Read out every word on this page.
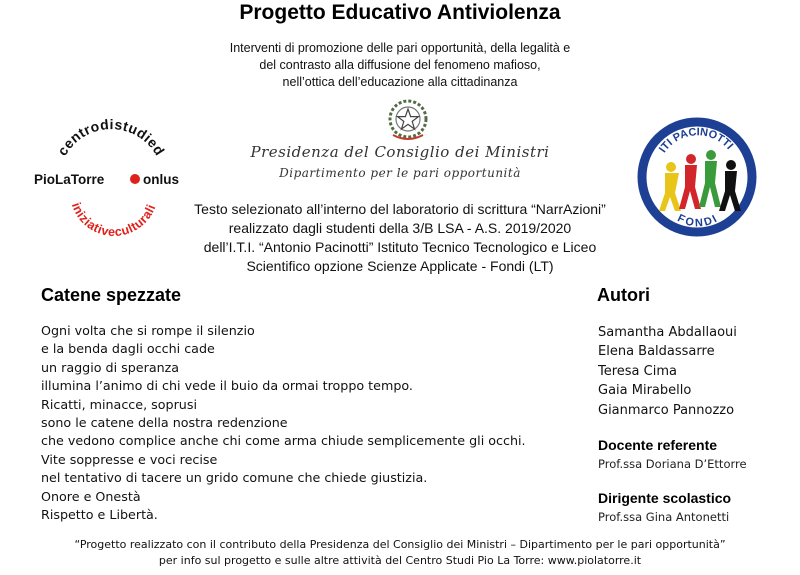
Progetto Educativo Antiviolenza
Interventi di promozione delle pari opportunità, della legalità e
del contrasto alla diffusione del fenomeno mafioso,
nell’ottica dell’educazione alla cittadinanza
centrodistudied
iniziativeculturali
PioLaTorre	onlus
Presidenza del Consiglio dei Ministri
Dipartimento per le pari opportunità
ITI PACINOTTI
FONDI
Testo selezionato all’interno del laboratorio di scrittura “NarrAzioni”
realizzato dagli studenti della 3/B LSA - A.S. 2019/2020
dell’I.T.I. “Antonio Pacinotti” Istituto Tecnico Tecnologico e Liceo
Scientifico opzione Scienze Applicate - Fondi (LT)
Catene spezzate
Ogni volta che si rompe il silenzio
e la benda dagli occhi cade
un raggio di speranza
illumina l’animo di chi vede il buio da ormai troppo tempo.
Ricatti, minacce, soprusi
sono le catene della nostra redenzione
che vedono complice anche chi come arma chiude semplicemente gli occhi.
Vite soppresse e voci recise
nel tentativo di tacere un grido comune che chiede giustizia.
Onore e Onestà
Rispetto e Libertà.
Autori
Samantha Abdallaoui
Elena Baldassarre
Teresa Cima
Gaia Mirabello
Gianmarco Pannozzo
Docente referente
Prof.ssa Doriana D’Ettorre
Dirigente scolastico
Prof.ssa Gina Antonetti
“Progetto realizzato con il contributo della Presidenza del Consiglio dei Ministri – Dipartimento per le pari opportunità”
per info sul progetto e sulle altre attività del Centro Studi Pio La Torre: www.piolatorre.it
